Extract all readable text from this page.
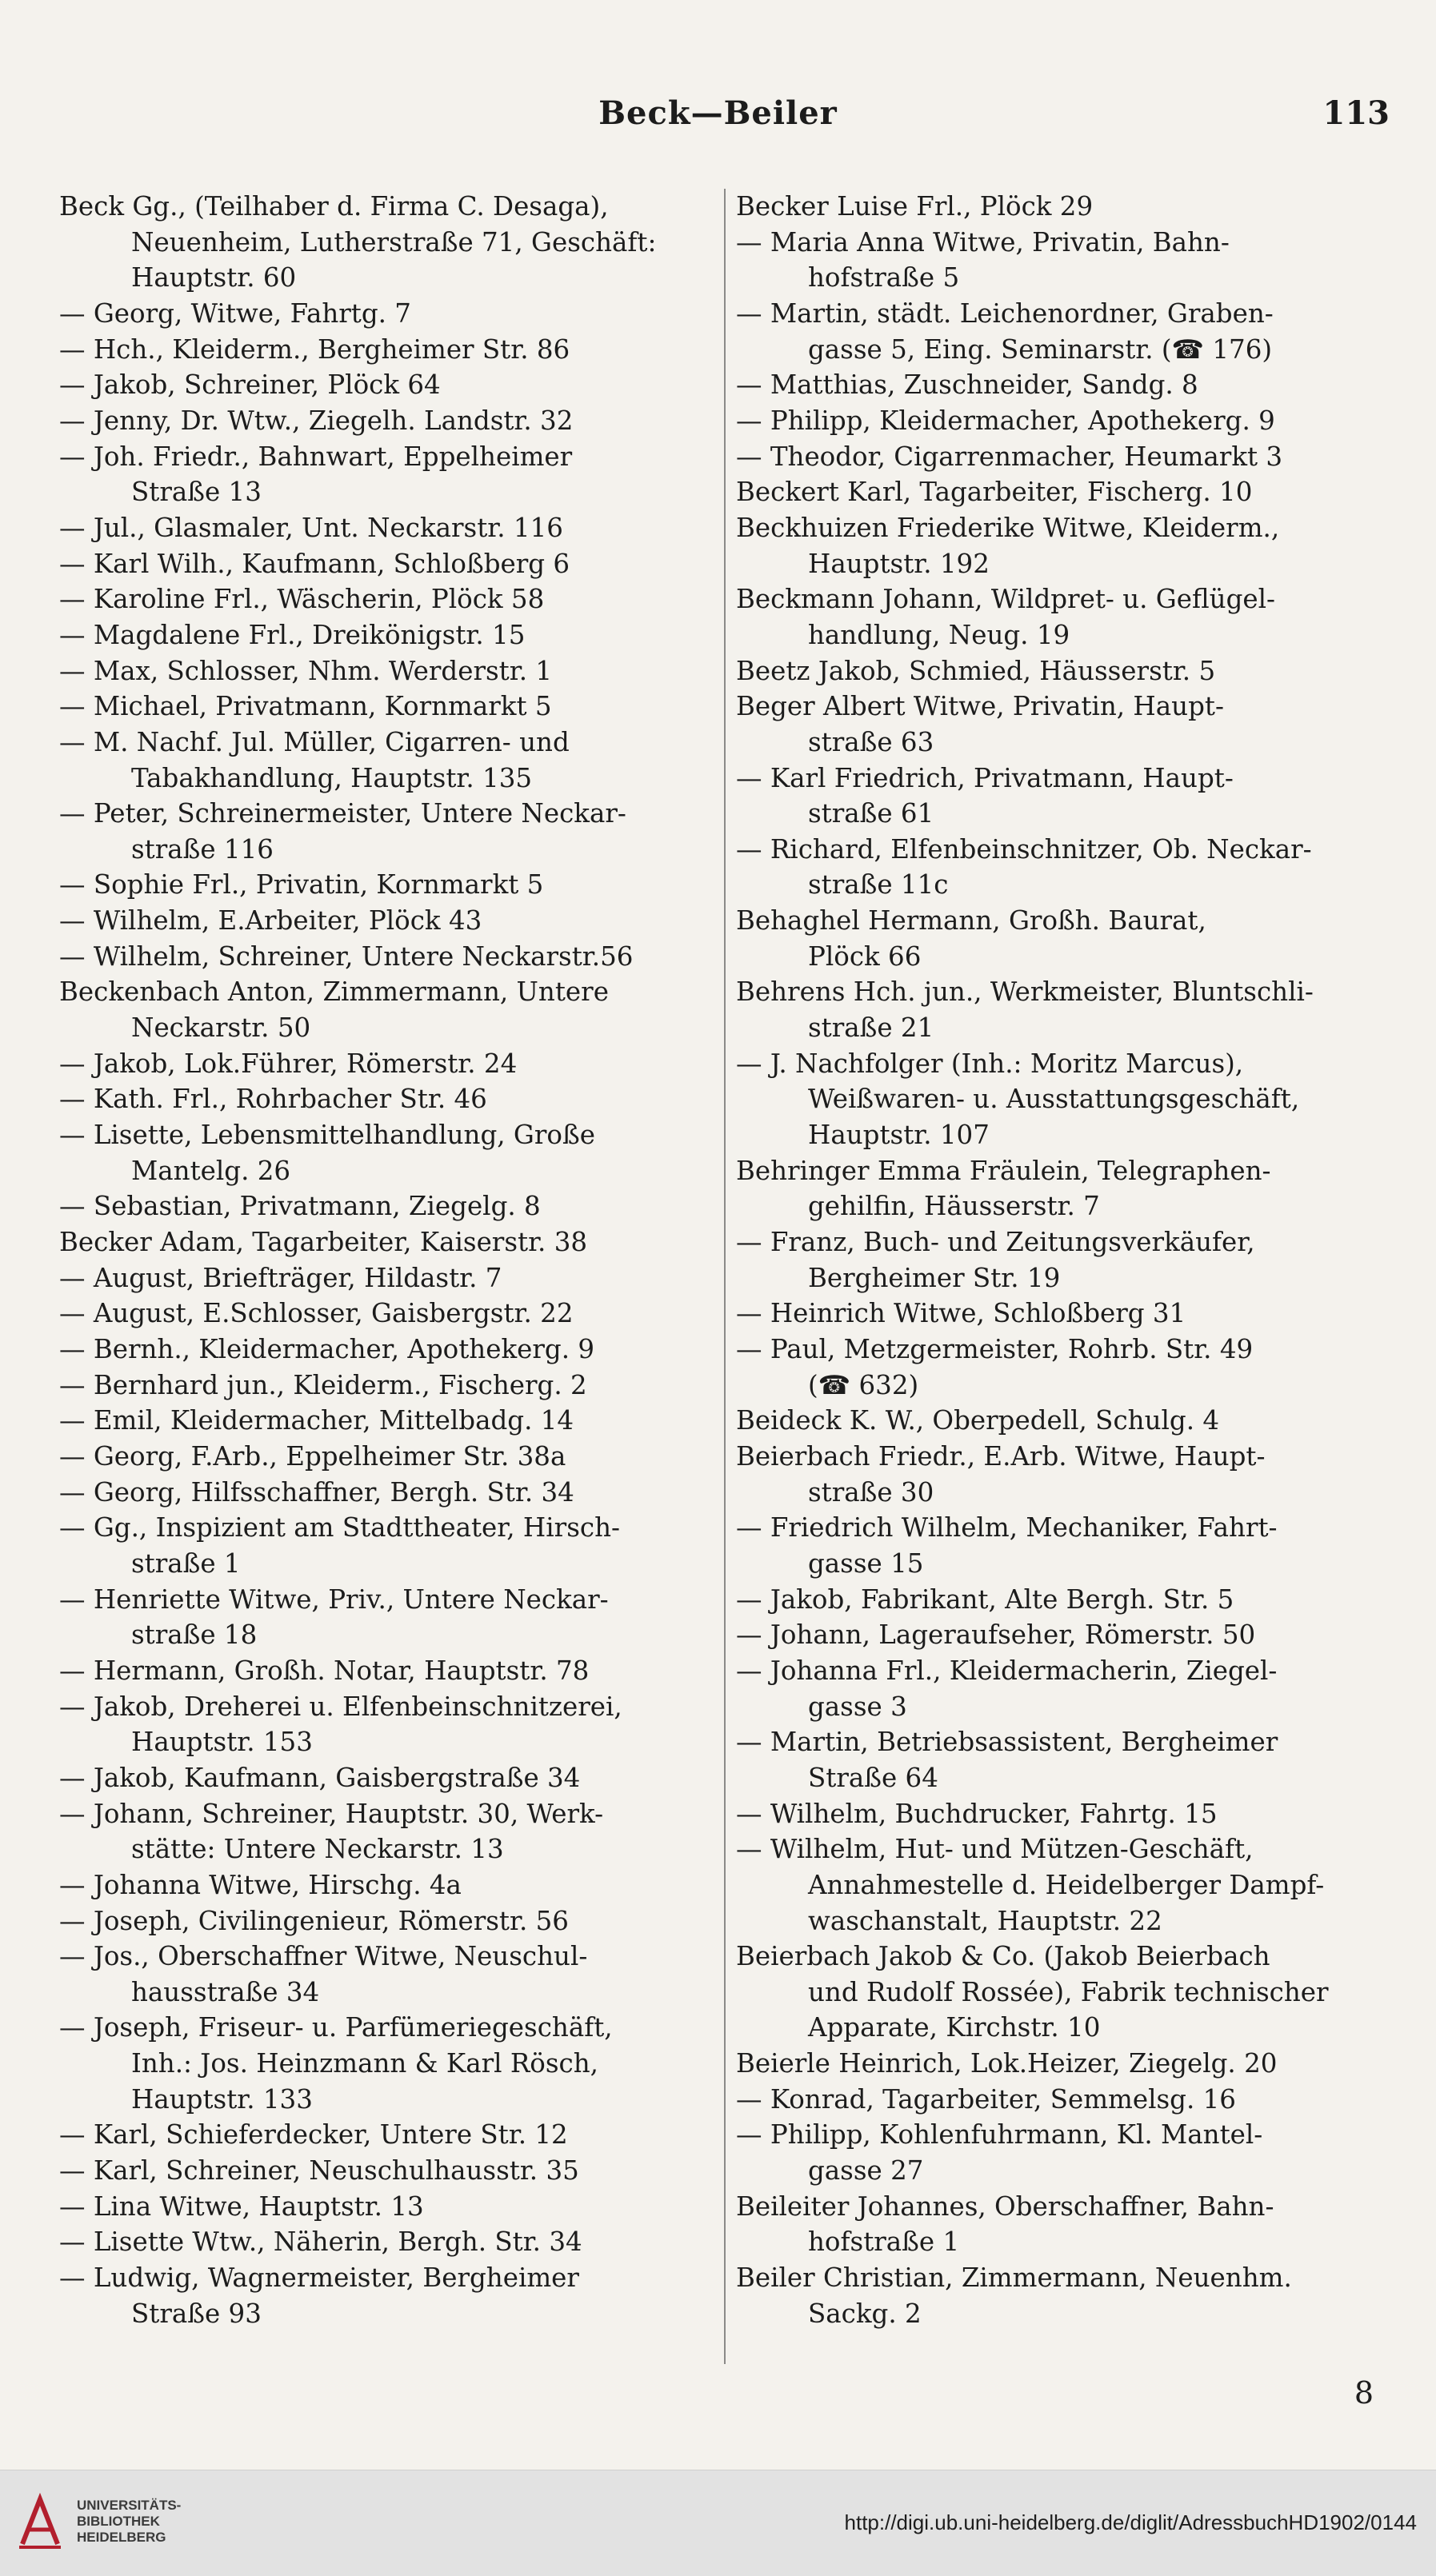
Beck—Beiler	113
Beck Gg., (Teilhaber d. Firma C. Desaga),
Neuenheim, Lutherstraße 71, Geschäft:
Hauptstr. 60
— Georg, Witwe, Fahrtg. 7
— Hch., Kleiderm., Bergheimer Str. 86
— Jakob, Schreiner, Plöck 64
— Jenny, Dr. Wtw., Ziegelh. Landstr. 32
— Joh. Friedr., Bahnwart, Eppelheimer
Straße 13
— Jul., Glasmaler, Unt. Neckarstr. 116
— Karl Wilh., Kaufmann, Schloßberg 6
— Karoline Frl., Wäscherin, Plöck 58
— Magdalene Frl., Dreikönigstr. 15
— Max, Schlosser, Nhm. Werderstr. 1
— Michael, Privatmann, Kornmarkt 5
— M. Nachf. Jul. Müller, Cigarren- und
Tabakhandlung, Hauptstr. 135
— Peter, Schreinermeister, Untere Neckar-
straße 116
— Sophie Frl., Privatin, Kornmarkt 5
— Wilhelm, E.Arbeiter, Plöck 43
— Wilhelm, Schreiner, Untere Neckarstr.56
Beckenbach Anton, Zimmermann, Untere
Neckarstr. 50
— Jakob, Lok.Führer, Römerstr. 24
— Kath. Frl., Rohrbacher Str. 46
— Lisette, Lebensmittelhandlung, Große
Mantelg. 26
— Sebastian, Privatmann, Ziegelg. 8
Becker Adam, Tagarbeiter, Kaiserstr. 38
— August, Briefträger, Hildastr. 7
— August, E.Schlosser, Gaisbergstr. 22
— Bernh., Kleidermacher, Apothekerg. 9
— Bernhard jun., Kleiderm., Fischerg. 2
— Emil, Kleidermacher, Mittelbadg. 14
— Georg, F.Arb., Eppelheimer Str. 38a
— Georg, Hilfsschaffner, Bergh. Str. 34
— Gg., Inspizient am Stadttheater, Hirsch-
straße 1
— Henriette Witwe, Priv., Untere Neckar-
straße 18
— Hermann, Großh. Notar, Hauptstr. 78
— Jakob, Dreherei u. Elfenbeinschnitzerei,
Hauptstr. 153
— Jakob, Kaufmann, Gaisbergstraße 34
— Johann, Schreiner, Hauptstr. 30, Werk-
stätte: Untere Neckarstr. 13
— Johanna Witwe, Hirschg. 4a
— Joseph, Civilingenieur, Römerstr. 56
— Jos., Oberschaffner Witwe, Neuschul-
hausstraße 34
— Joseph, Friseur- u. Parfümeriegeschäft,
Inh.: Jos. Heinzmann & Karl Rösch,
Hauptstr. 133
— Karl, Schieferdecker, Untere Str. 12
— Karl, Schreiner, Neuschulhausstr. 35
— Lina Witwe, Hauptstr. 13
— Lisette Wtw., Näherin, Bergh. Str. 34
— Ludwig, Wagnermeister, Bergheimer
Straße 93
Becker Luise Frl., Plöck 29
— Maria Anna Witwe, Privatin, Bahn-
hofstraße 5
— Martin, städt. Leichenordner, Graben-
gasse 5, Eing. Seminarstr. (☎ 176)
— Matthias, Zuschneider, Sandg. 8
— Philipp, Kleidermacher, Apothekerg. 9
— Theodor, Cigarrenmacher, Heumarkt 3
Beckert Karl, Tagarbeiter, Fischerg. 10
Beckhuizen Friederike Witwe, Kleiderm.,
Hauptstr. 192
Beckmann Johann, Wildpret- u. Geflügel-
handlung, Neug. 19
Beetz Jakob, Schmied, Häusserstr. 5
Beger Albert Witwe, Privatin, Haupt-
straße 63
— Karl Friedrich, Privatmann, Haupt-
straße 61
— Richard, Elfenbeinschnitzer, Ob. Neckar-
straße 11c
Behaghel Hermann, Großh. Baurat,
Plöck 66
Behrens Hch. jun., Werkmeister, Bluntschli-
straße 21
— J. Nachfolger (Inh.: Moritz Marcus),
Weißwaren- u. Ausstattungsgeschäft,
Hauptstr. 107
Behringer Emma Fräulein, Telegraphen-
gehilfin, Häusserstr. 7
— Franz, Buch- und Zeitungsverkäufer,
Bergheimer Str. 19
— Heinrich Witwe, Schloßberg 31
— Paul, Metzgermeister, Rohrb. Str. 49
(☎ 632)
Beideck K. W., Oberpedell, Schulg. 4
Beierbach Friedr., E.Arb. Witwe, Haupt-
straße 30
— Friedrich Wilhelm, Mechaniker, Fahrt-
gasse 15
— Jakob, Fabrikant, Alte Bergh. Str. 5
— Johann, Lageraufseher, Römerstr. 50
— Johanna Frl., Kleidermacherin, Ziegel-
gasse 3
— Martin, Betriebsassistent, Bergheimer
Straße 64
— Wilhelm, Buchdrucker, Fahrtg. 15
— Wilhelm, Hut- und Mützen-Geschäft,
Annahmestelle d. Heidelberger Dampf-
waschanstalt, Hauptstr. 22
Beierbach Jakob & Co. (Jakob Beierbach
und Rudolf Rossée), Fabrik technischer
Apparate, Kirchstr. 10
Beierle Heinrich, Lok.Heizer, Ziegelg. 20
— Konrad, Tagarbeiter, Semmelsg. 16
— Philipp, Kohlenfuhrmann, Kl. Mantel-
gasse 27
Beileiter Johannes, Oberschaffner, Bahn-
hofstraße 1
Beiler Christian, Zimmermann, Neuenhm.
Sackg. 2
8
UNIVERSITÄTS-
BIBLIOTHEK
HEIDELBERG
http://digi.ub.uni-heidelberg.de/diglit/AdressbuchHD1902/0144
